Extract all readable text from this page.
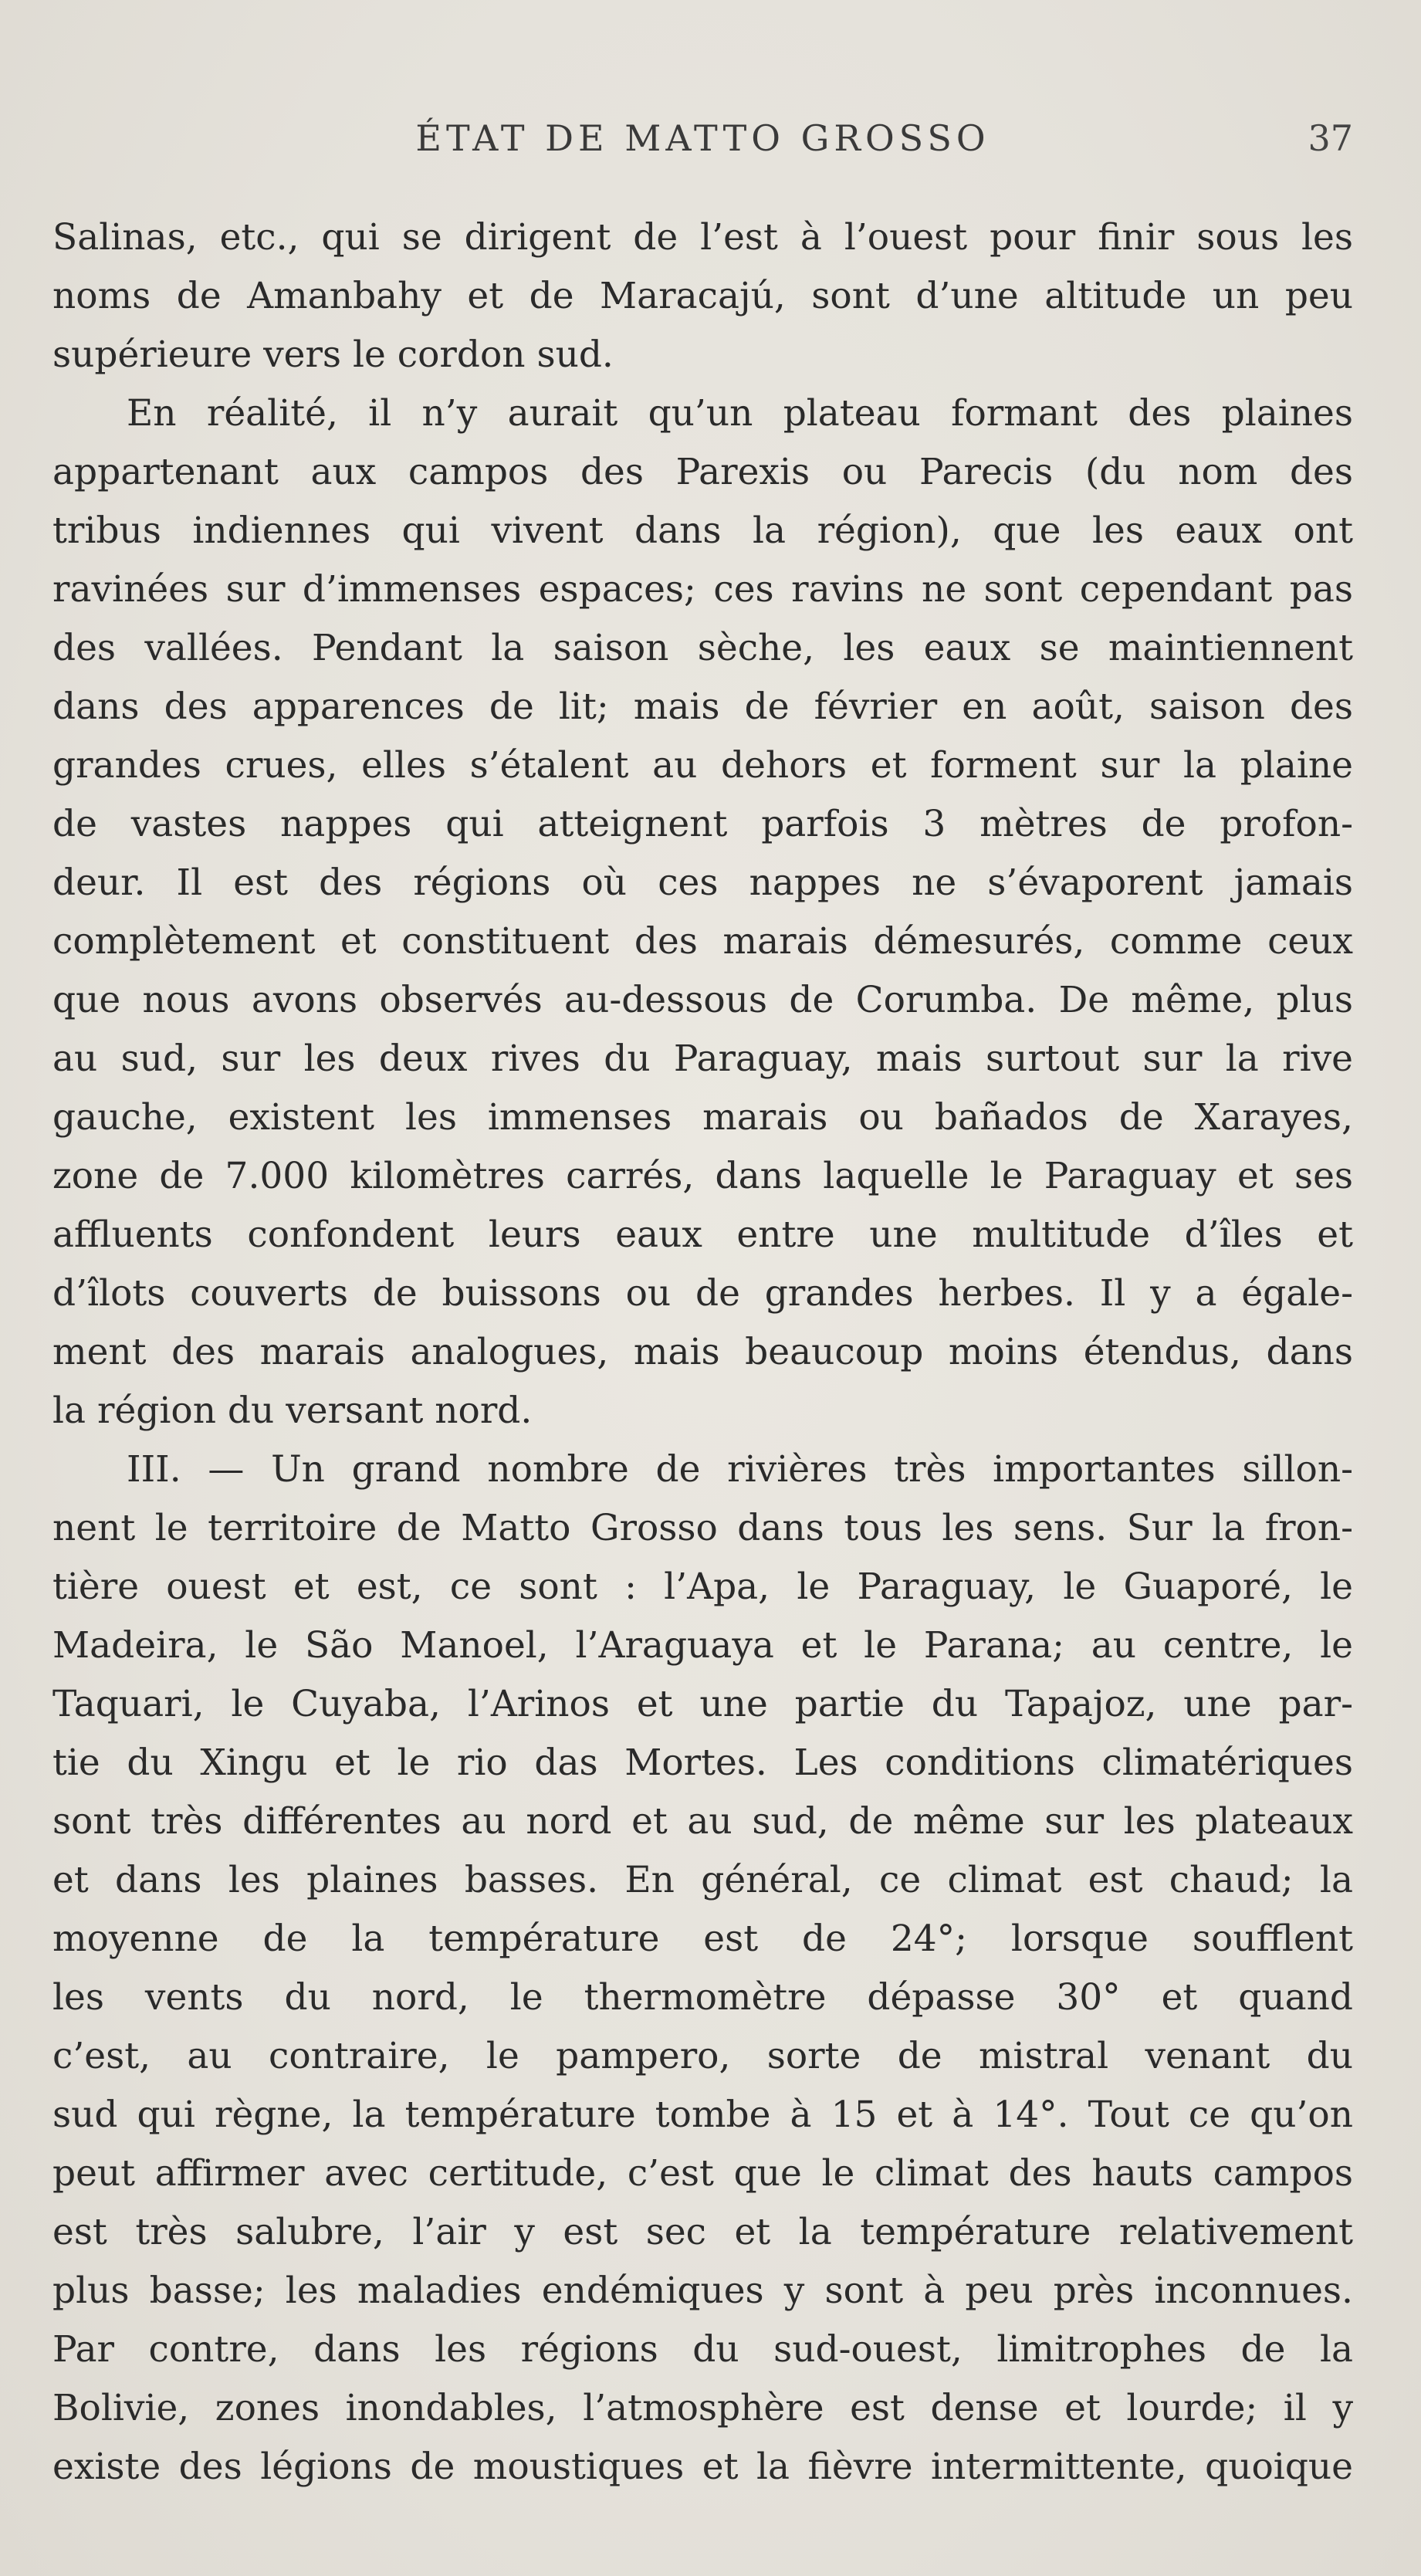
ÉTAT DE MATTO GROSSO	37
Salinas, etc., qui se dirigent de l’est à l’ouest pour finir sous les
noms de Amanbahy et de Maracajú, sont d’une altitude un peu
supérieure vers le cordon sud.
En réalité, il n’y aurait qu’un plateau formant des plaines
appartenant aux campos des Parexis ou Parecis (du nom des
tribus indiennes qui vivent dans la région), que les eaux ont
ravinées sur d’immenses espaces; ces ravins ne sont cependant pas
des vallées. Pendant la saison sèche, les eaux se maintiennent
dans des apparences de lit; mais de février en août, saison des
grandes crues, elles s’étalent au dehors et forment sur la plaine
de vastes nappes qui atteignent parfois 3 mètres de profon-
deur. Il est des régions où ces nappes ne s’évaporent jamais
complètement et constituent des marais démesurés, comme ceux
que nous avons observés au-dessous de Corumba. De même, plus
au sud, sur les deux rives du Paraguay, mais surtout sur la rive
gauche, existent les immenses marais ou bañados de Xarayes,
zone de 7.000 kilomètres carrés, dans laquelle le Paraguay et ses
affluents confondent leurs eaux entre une multitude d’îles et
d’îlots couverts de buissons ou de grandes herbes. Il y a égale-
ment des marais analogues, mais beaucoup moins étendus, dans
la région du versant nord.
III. — Un grand nombre de rivières très importantes sillon-
nent le territoire de Matto Grosso dans tous les sens. Sur la fron-
tière ouest et est, ce sont : l’Apa, le Paraguay, le Guaporé, le
Madeira, le São Manoel, l’Araguaya et le Parana; au centre, le
Taquari, le Cuyaba, l’Arinos et une partie du Tapajoz, une par-
tie du Xingu et le rio das Mortes. Les conditions climatériques
sont très différentes au nord et au sud, de même sur les plateaux
et dans les plaines basses. En général, ce climat est chaud; la
moyenne de la température est de 24°; lorsque soufflent
les vents du nord, le thermomètre dépasse 30° et quand
c’est, au contraire, le pampero, sorte de mistral venant du
sud qui règne, la température tombe à 15 et à 14°. Tout ce qu’on
peut affirmer avec certitude, c’est que le climat des hauts campos
est très salubre, l’air y est sec et la température relativement
plus basse; les maladies endémiques y sont à peu près inconnues.
Par contre, dans les régions du sud-ouest, limitrophes de la
Bolivie, zones inondables, l’atmosphère est dense et lourde; il y
existe des légions de moustiques et la fièvre intermittente, quoique
